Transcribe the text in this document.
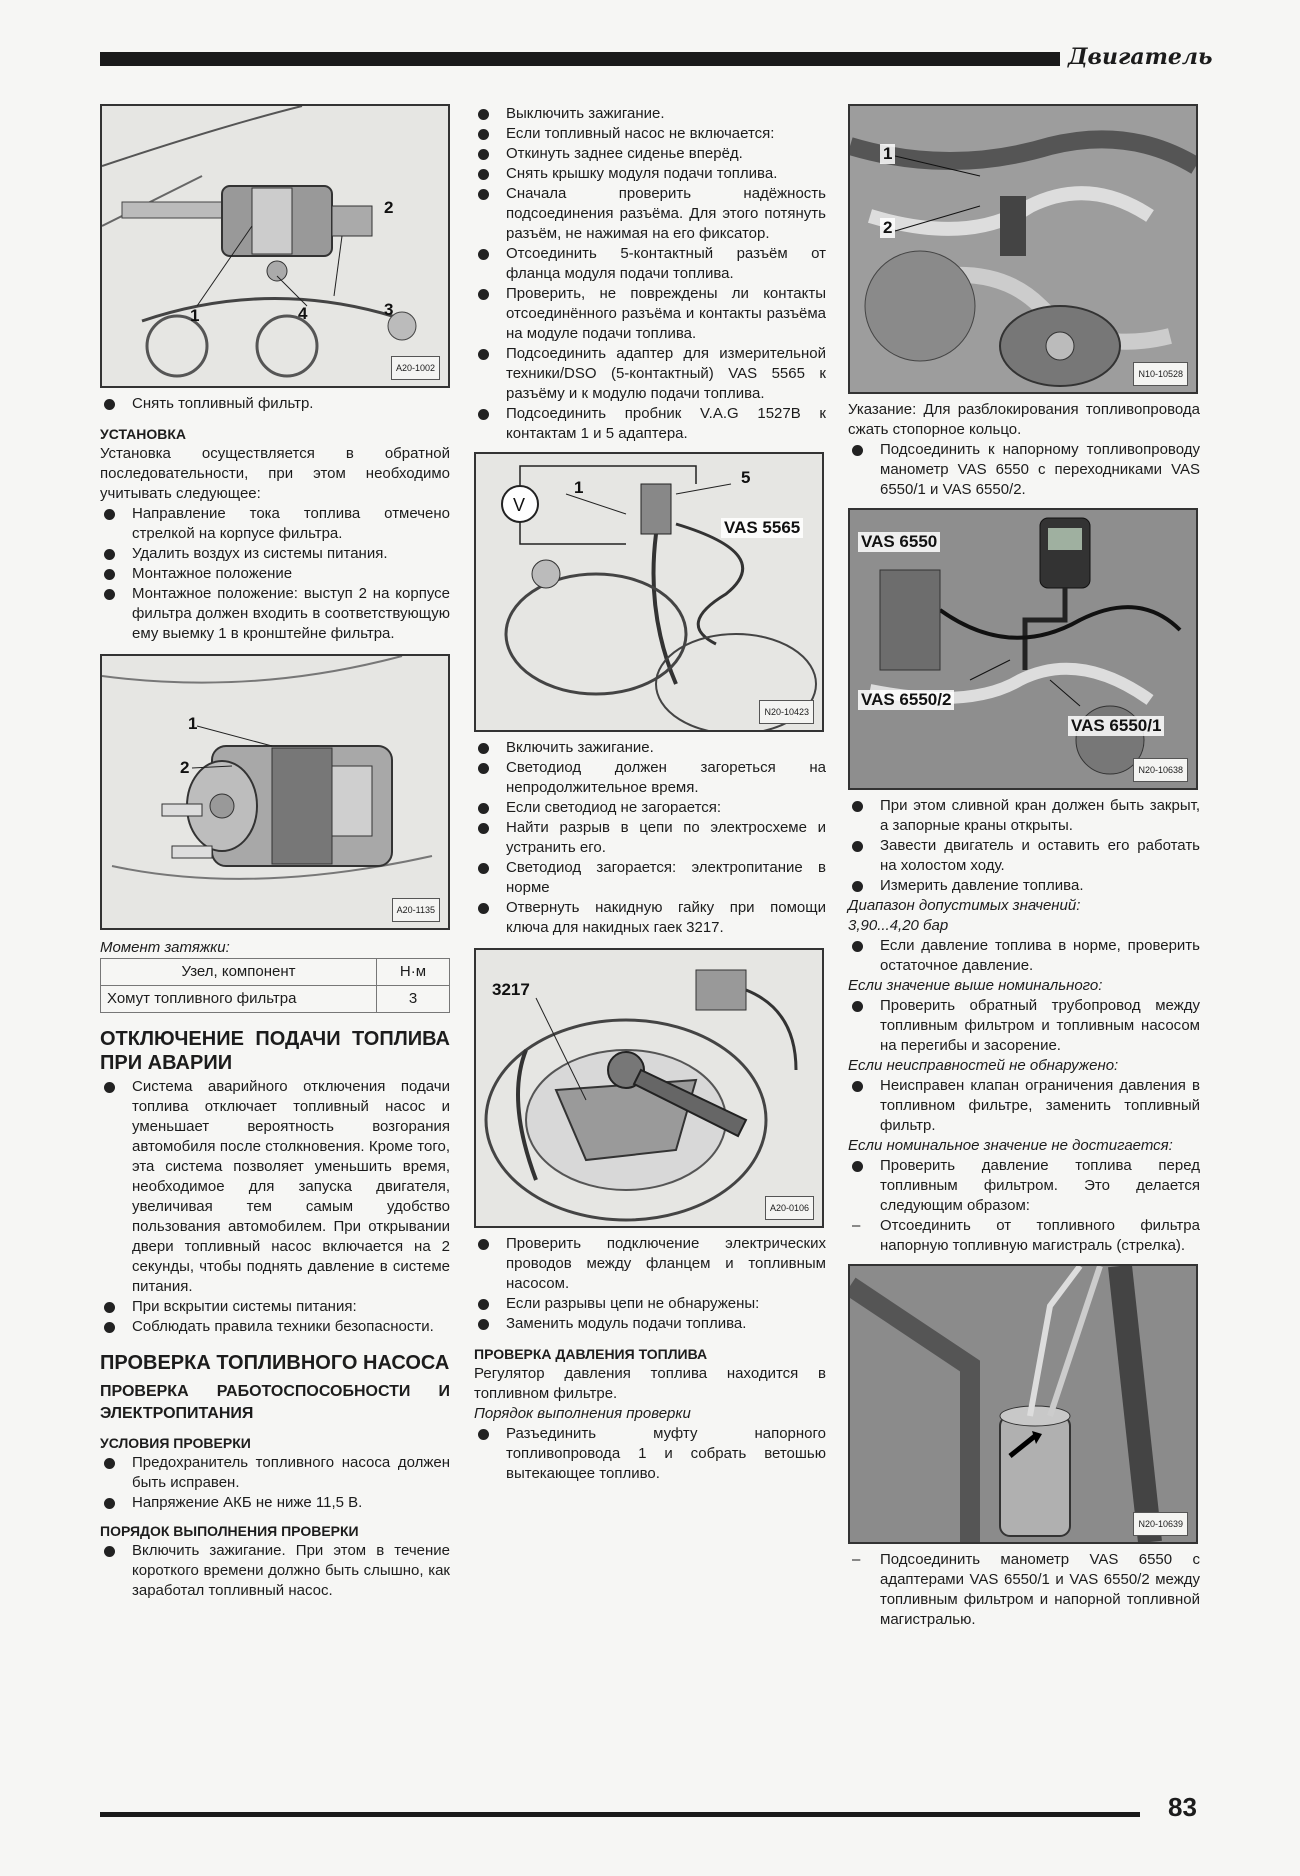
Двигатель
1
2
3
4
A20-1002

Снять топливный фильтр.

УСТАНОВКА

Установка осуществляется в обратной последовательности, при этом необходимо учитывать следующее:

Направление тока топлива отмечено стрелкой на корпусе фильтра.

Удалить воздух из системы питания.

Монтажное положение

Монтажное положение: выступ 2 на корпусе фильтра должен входить в соответствующую ему выемку 1 в кронштейне фильтра.

1
2
A20-1135

Момент затяжки:

Узел, компонент	Н·м
Хомут топливного фильтра	3

ОТКЛЮЧЕНИЕ ПОДАЧИ ТОПЛИВА ПРИ АВАРИИ

Система аварийного отключения подачи топлива отключает топливный насос и уменьшает вероятность возгорания автомобиля после столкновения. Кроме того, эта система позволяет уменьшить время, необходимое для запуска двигателя, увеличивая тем самым удобство пользования автомобилем. При открывании двери топливный насос включается на 2 секунды, чтобы поднять давление в системе питания.

При вскрытии системы питания:

Соблюдать правила техники безопасности.

ПРОВЕРКА ТОПЛИВНОГО НАСОСА

ПРОВЕРКА РАБОТОСПОСОБНОСТИ И ЭЛЕКТРОПИТАНИЯ

УСЛОВИЯ ПРОВЕРКИ

Предохранитель топливного насоса должен быть исправен.

Напряжение АКБ не ниже 11,5 В.

ПОРЯДОК ВЫПОЛНЕНИЯ ПРОВЕРКИ

Включить зажигание. При этом в течение короткого времени должно быть слышно, как заработал топливный насос.

Выключить зажигание.

Если топливный насос не включается:

Откинуть заднее сиденье вперёд.

Снять крышку модуля подачи топлива.

Сначала проверить надёжность подсоединения разъёма. Для этого потянуть разъём, не нажимая на его фиксатор.

Отсоединить 5-контактный разъём от фланца модуля подачи топлива.

Проверить, не повреждены ли контакты отсоединённого разъёма и контакты разъёма на модуле подачи топлива.

Подсоединить адаптер для измерительной техники/DSO (5-контактный) VAS 5565 к разъёму и к модулю подачи топлива.

Подсоединить пробник V.A.G 1527B к контактам 1 и 5 адаптера.

V
1
5
VAS 5565
N20-10423

Включить зажигание.

Светодиод должен загореться на непродолжительное время.

Если светодиод не загорается:

Найти разрыв в цепи по электросхеме и устранить его.

Светодиод загорается: электропитание в норме

Отвернуть накидную гайку при помощи ключа для накидных гаек 3217.

3217
A20-0106

Проверить подключение электрических проводов между фланцем и топливным насосом.

Если разрывы цепи не обнаружены:

Заменить модуль подачи топлива.

ПРОВЕРКА ДАВЛЕНИЯ ТОПЛИВА

Регулятор давления топлива находится в топливном фильтре.

Порядок выполнения проверки

Разъединить муфту напорного топливопровода 1 и собрать ветошью вытекающее топливо.

1
2
N10-10528

Указание: Для разблокирования топливопровода сжать стопорное кольцо.

Подсоединить к напорному топливопроводу манометр VAS 6550 с переходниками VAS 6550/1 и VAS 6550/2.

VAS 6550
VAS 6550/2
VAS 6550/1
N20-10638

При этом сливной кран должен быть закрыт, а запорные краны открыты.

Завести двигатель и оставить его работать на холостом ходу.

Измерить давление топлива.

Диапазон допустимых значений:

3,90...4,20 бар

Если давление топлива в норме, проверить остаточное давление.

Если значение выше номинального:

Проверить обратный трубопровод между топливным фильтром и топливным насосом на перегибы и засорение.

Если неисправностей не обнаружено:

Неисправен клапан ограничения давления в топливном фильтре, заменить топливный фильтр.

Если номинальное значение не достигается:

Проверить давление топлива перед топливным фильтром. Это делается следующим образом:

– Отсоединить от топливного фильтра напорную топливную магистраль (стрелка).

N20-10639

– Подсоединить манометр VAS 6550 с адаптерами VAS 6550/1 и VAS 6550/2 между топливным фильтром и напорной топливной магистралью.

83
